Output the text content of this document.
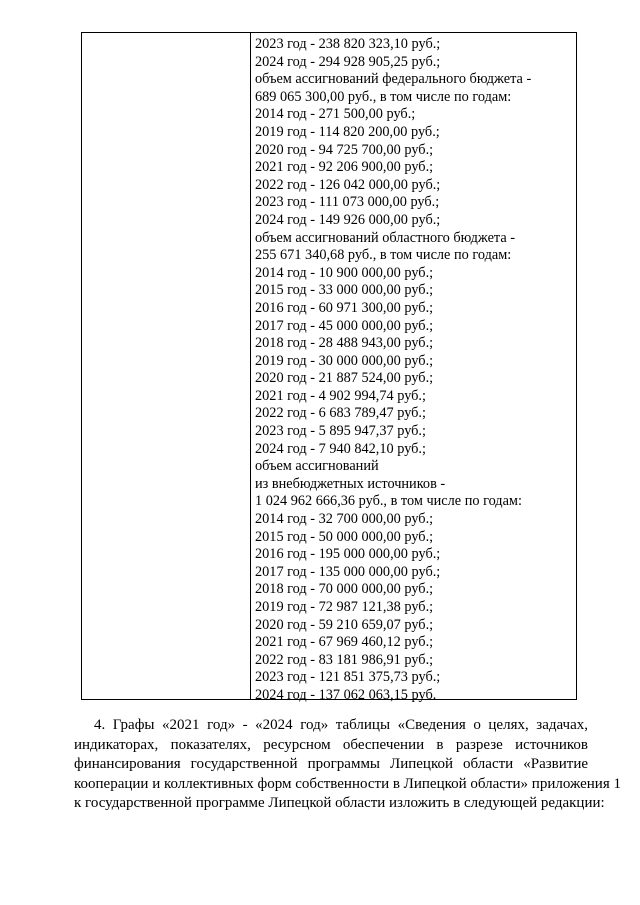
2023 год - 238 820 323,10 руб.;
2024 год - 294 928 905,25 руб.;
объем ассигнований федерального бюджета -
689 065 300,00 руб., в том числе по годам:
2014 год - 271 500,00 руб.;
2019 год - 114 820 200,00 руб.;
2020 год - 94 725 700,00 руб.;
2021 год - 92 206 900,00 руб.;
2022 год - 126 042 000,00 руб.;
2023 год - 111 073 000,00 руб.;
2024 год - 149 926 000,00 руб.;
объем ассигнований областного бюджета -
255 671 340,68 руб., в том числе по годам:
2014 год - 10 900 000,00 руб.;
2015 год - 33 000 000,00 руб.;
2016 год - 60 971 300,00 руб.;
2017 год - 45 000 000,00 руб.;
2018 год - 28 488 943,00 руб.;
2019 год - 30 000 000,00 руб.;
2020 год - 21 887 524,00 руб.;
2021 год - 4 902 994,74 руб.;
2022 год - 6 683 789,47 руб.;
2023 год - 5 895 947,37 руб.;
2024 год - 7 940 842,10 руб.;
объем ассигнований
из внебюджетных источников -
1 024 962 666,36 руб., в том числе по годам:
2014 год - 32 700 000,00 руб.;
2015 год - 50 000 000,00 руб.;
2016 год - 195 000 000,00 руб.;
2017 год - 135 000 000,00 руб.;
2018 год - 70 000 000,00 руб.;
2019 год - 72 987 121,38 руб.;
2020 год - 59 210 659,07 руб.;
2021 год - 67 969 460,12 руб.;
2022 год - 83 181 986,91 руб.;
2023 год - 121 851 375,73 руб.;
2024 год - 137 062 063,15 руб.
4. Графы «2021 год» - «2024 год» таблицы «Сведения о целях, задачах,
индикаторах, показателях, ресурсном обеспечении в разрезе источников
финансирования государственной программы Липецкой области «Развитие
кооперации и коллективных форм собственности в Липецкой области» приложения 1
к государственной программе Липецкой области изложить в следующей редакции:
